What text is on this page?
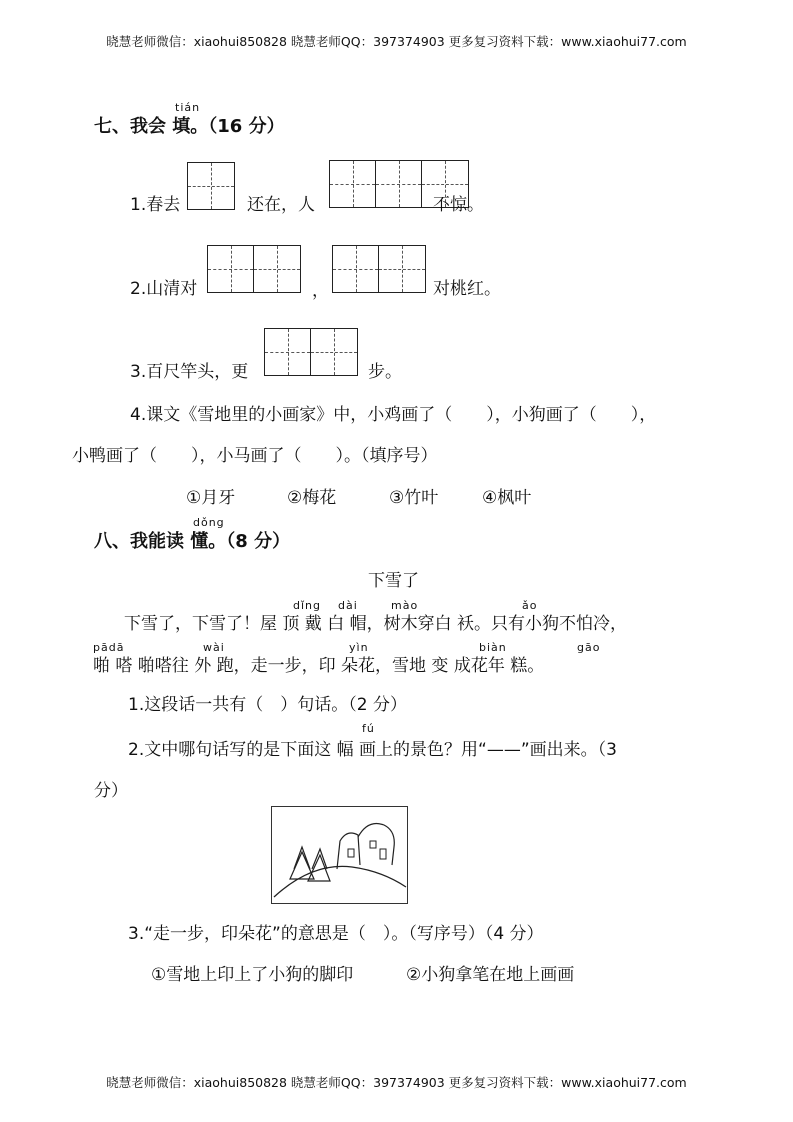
晓慧老师微信：xiaohui850828 晓慧老师QQ：397374903 更多复习资料下载：www.xiaohui77.com
tián
七、我会 填。（16 分）
1.春去	还在，人	不惊。
2.山清对	，	对桃红。
3.百尺竿头，更	步。
4.课文《雪地里的小画家》中，小鸡画了（　　），小狗画了（　　），
小鸭画了（　　），小马画了（　　）。（填序号）
①月牙	②梅花	③竹叶	④枫叶
dǒng
八、我能读 懂。（8 分）
下雪了
dǐng dài	mào	ǎo
下雪了，下雪了！屋 顶 戴 白 帽，树木穿白 袄。只有小狗不怕冷，
pādā	wài	yìn	biàn	gāo
啪 嗒 啪嗒往 外 跑，走一步，印 朵花，雪地 变 成花年 糕。
1.这段话一共有（　）句话。（2 分）
fú
2.文中哪句话写的是下面这 幅 画上的景色？用“——”画出来。（3
分）
3.“走一步，印朵花”的意思是（　）。（写序号）（4 分）
①雪地上印上了小狗的脚印	②小狗拿笔在地上画画
晓慧老师微信：xiaohui850828 晓慧老师QQ：397374903 更多复习资料下载：www.xiaohui77.com
